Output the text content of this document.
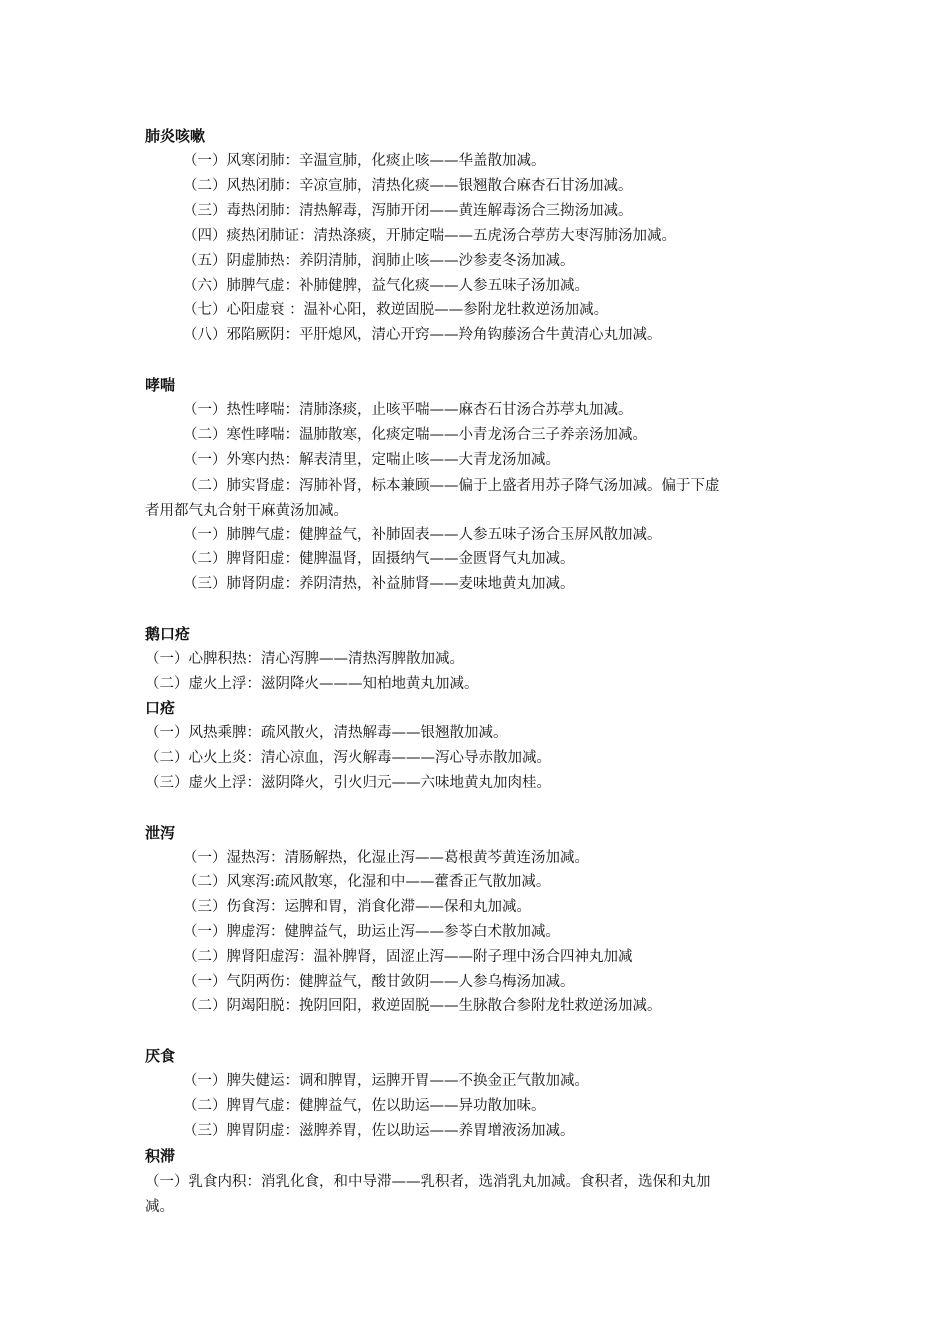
肺炎咳嗽

（一）风寒闭肺：辛温宣肺，化痰止咳——华盖散加减。

（二）风热闭肺：辛凉宣肺，清热化痰——银翘散合麻杏石甘汤加减。

（三）毒热闭肺：清热解毒，泻肺开闭——黄连解毒汤合三拗汤加减。

（四）痰热闭肺证：清热涤痰，开肺定喘——五虎汤合葶苈大枣泻肺汤加减。

（五）阴虚肺热：养阴清肺，润肺止咳——沙参麦冬汤加减。

（六）肺脾气虚：补肺健脾，益气化痰——人参五味子汤加减。

（七）心阳虚衰 ：温补心阳，救逆固脱——参附龙牡救逆汤加减。

（八）邪陷厥阴：平肝熄风，清心开窍——羚角钩藤汤合牛黄清心丸加减。

哮喘

（一）热性哮喘：清肺涤痰，止咳平喘——麻杏石甘汤合苏葶丸加减。

（二）寒性哮喘：温肺散寒，化痰定喘——小青龙汤合三子养亲汤加减。

（一）外寒内热：解表清里，定喘止咳——大青龙汤加减。

（二）肺实肾虚：泻肺补肾，标本兼顾——偏于上盛者用苏子降气汤加减。偏于下虚
者用都气丸合射干麻黄汤加减。

（一）肺脾气虚：健脾益气，补肺固表——人参五味子汤合玉屏风散加减。

（二）脾肾阳虚：健脾温肾，固摄纳气——金匮肾气丸加减。

（三）肺肾阴虚：养阴清热，补益肺肾——麦味地黄丸加减。

鹅口疮

（一）心脾积热：清心泻脾——清热泻脾散加减。

（二）虚火上浮：滋阴降火———知柏地黄丸加减。

口疮

（一）风热乘脾：疏风散火，清热解毒——银翘散加减。

（二）心火上炎：清心凉血，泻火解毒———泻心导赤散加减。

（三）虚火上浮：滋阴降火，引火归元——六味地黄丸加肉桂。

泄泻

（一）湿热泻：清肠解热，化湿止泻——葛根黄芩黄连汤加减。

（二）风寒泻:疏风散寒，化湿和中——藿香正气散加减。

（三）伤食泻：运脾和胃，消食化滞——保和丸加减。

（一）脾虚泻：健脾益气，助运止泻——参苓白术散加减。

（二）脾肾阳虚泻：温补脾肾，固涩止泻——附子理中汤合四神丸加减

（一）气阴两伤：健脾益气，酸甘敛阴——人参乌梅汤加减。

（二）阴竭阳脱：挽阴回阳，救逆固脱——生脉散合参附龙牡救逆汤加减。

厌食

（一）脾失健运：调和脾胃，运脾开胃——不换金正气散加减。

（二）脾胃气虚：健脾益气，佐以助运——异功散加味。

（三）脾胃阴虚：滋脾养胃，佐以助运——养胃增液汤加减。

积滞
（一）乳食内积：消乳化食，和中导滞——乳积者，选消乳丸加减。食积者，选保和丸加
减。
